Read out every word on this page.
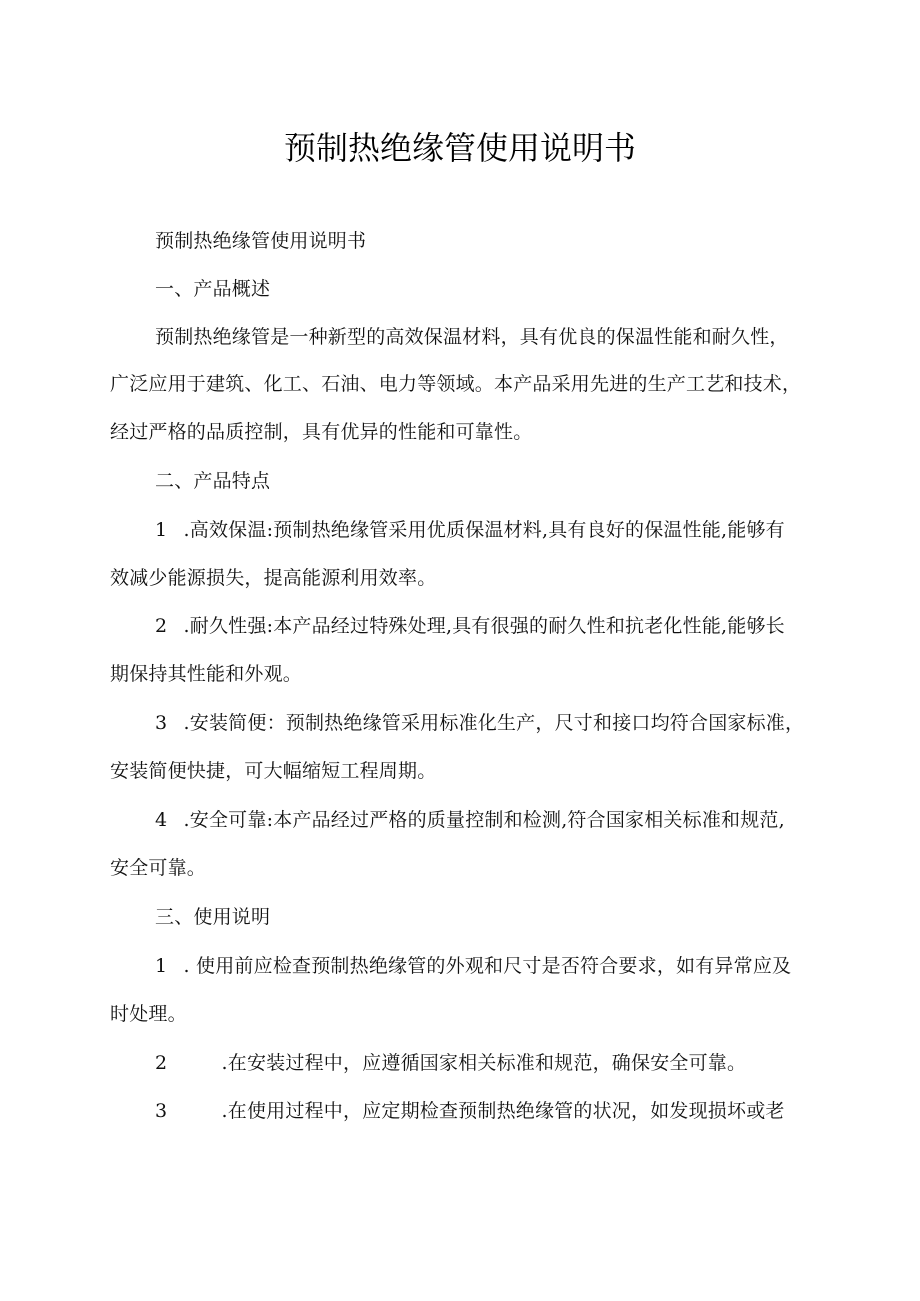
预制热绝缘管使用说明书
预制热绝缘管使用说明书
一、产品概述
预制热绝缘管是一种新型的高效保温材料，具有优良的保温性能和耐久性，
广泛应用于建筑、化工、石油、电力等领域。本产品采用先进的生产工艺和技术，
经过严格的品质控制，具有优异的性能和可靠性。
二、产品特点
1 .高效保温:预制热绝缘管采用优质保温材料,具有良好的保温性能,能够有
效减少能源损失，提高能源利用效率。
2 .耐久性强:本产品经过特殊处理,具有很强的耐久性和抗老化性能,能够长
期保持其性能和外观。
3 .安装简便：预制热绝缘管采用标准化生产，尺寸和接口均符合国家标准，
安装简便快捷，可大幅缩短工程周期。
4 .安全可靠:本产品经过严格的质量控制和检测,符合国家相关标准和规范,
安全可靠。
三、使用说明
1 . 使用前应检查预制热绝缘管的外观和尺寸是否符合要求，如有异常应及
时处理。
2	.在安装过程中，应遵循国家相关标准和规范，确保安全可靠。
3	.在使用过程中，应定期检查预制热绝缘管的状况，如发现损坏或老
